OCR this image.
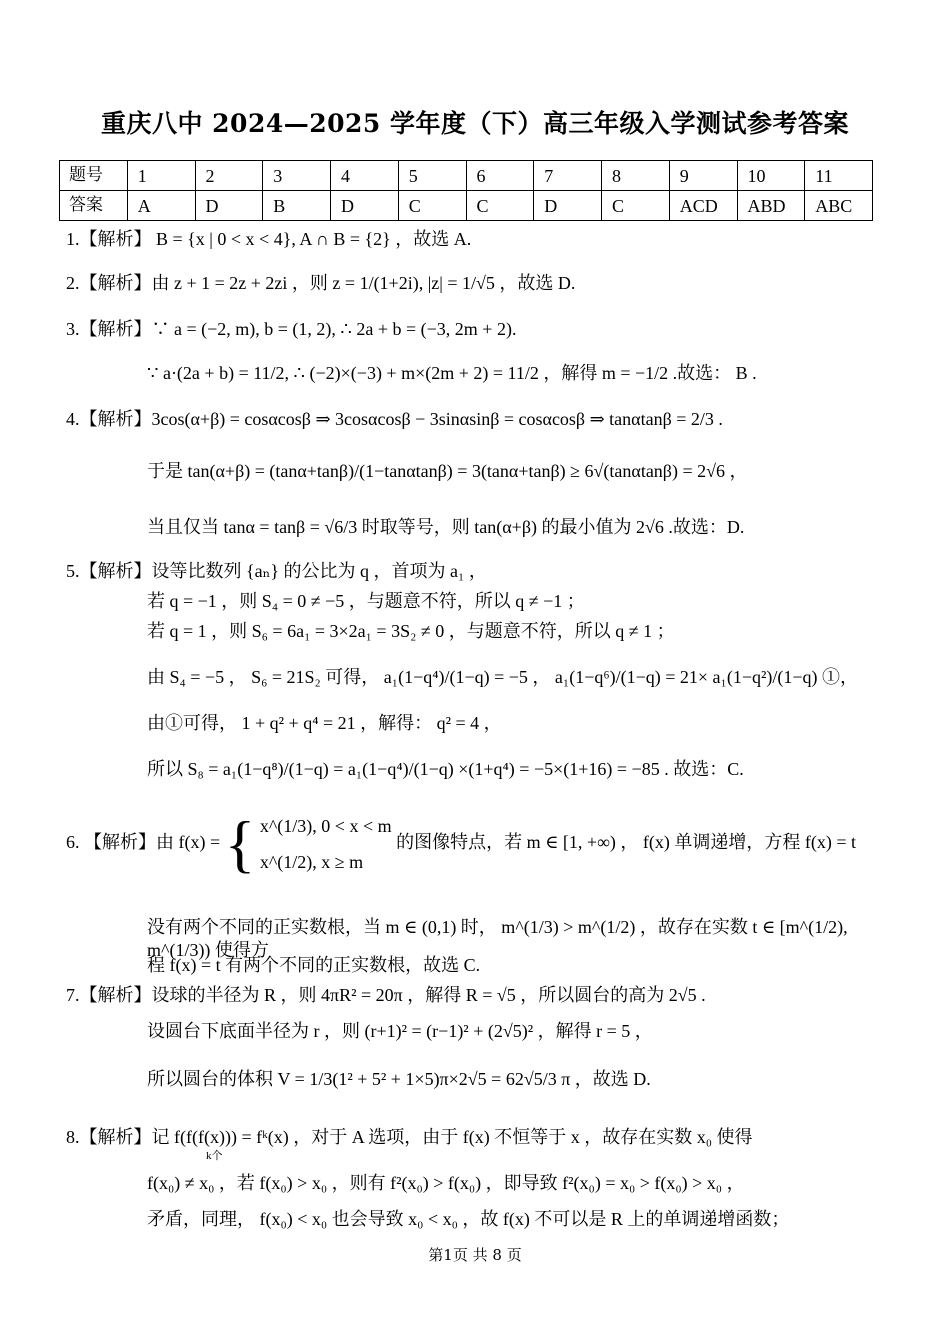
重庆八中 2024—2025 学年度（下）高三年级入学测试参考答案
题号	1	2	3	4	5	6	7	8	9	10	11
答案	A	D	B	D	C	C	D	C	ACD	ABD	ABC
1.【解析】 B = {x | 0 < x < 4}, A ∩ B = {2} ，故选 A.
2.【解析】由 z + 1 = 2z + 2zi ，则 z = 1/(1+2i), |z| = 1/√5 ，故选 D.
3.【解析】∵ a = (−2, m), b = (1, 2), ∴ 2a + b = (−3, 2m + 2).
∵ a·(2a + b) = 11/2, ∴ (−2)×(−3) + m×(2m + 2) = 11/2 ，解得 m = −1/2 .故选： B .
4.【解析】3cos(α+β) = cosαcosβ ⇒ 3cosαcosβ − 3sinαsinβ = cosαcosβ ⇒ tanαtanβ = 2/3 .
于是 tan(α+β) = (tanα+tanβ)/(1−tanαtanβ) = 3(tanα+tanβ) ≥ 6√(tanαtanβ) = 2√6 ，
当且仅当 tanα = tanβ = √6/3 时取等号，则 tan(α+β) 的最小值为 2√6 .故选：D.
5.【解析】设等比数列 {aₙ} 的公比为 q ，首项为 a₁ ，
若 q = −1 ，则 S₄ = 0 ≠ −5 ，与题意不符，所以 q ≠ −1 ；
若 q = 1 ，则 S₆ = 6a₁ = 3×2a₁ = 3S₂ ≠ 0 ，与题意不符，所以 q ≠ 1 ；
由 S₄ = −5 ， S₆ = 21S₂ 可得， a₁(1−q⁴)/(1−q) = −5 ， a₁(1−q⁶)/(1−q) = 21× a₁(1−q²)/(1−q) ①，
由①可得， 1 + q² + q⁴ = 21 ，解得： q² = 4 ，
所以 S₈ = a₁(1−q⁸)/(1−q) = a₁(1−q⁴)/(1−q) ×(1+q⁴) = −5×(1+16) = −85 . 故选：C.
6. 【解析】由 f(x) = { x^(1/3), 0 < x < m
x^(1/2), x ≥ m
的图像特点，若 m ∈ [1, +∞) ， f(x) 单调递增，方程 f(x) = t
没有两个不同的正实数根，当 m ∈ (0,1) 时， m^(1/3) > m^(1/2) ，故存在实数 t ∈ [m^(1/2), m^(1/3)) 使得方
程 f(x) = t 有两个不同的正实数根，故选 C.
7.【解析】设球的半径为 R ，则 4πR² = 20π ，解得 R = √5 ，所以圆台的高为 2√5 .
设圆台下底面半径为 r ，则 (r+1)² = (r−1)² + (2√5)² ，解得 r = 5 ，
所以圆台的体积 V = 1/3(1² + 5² + 1×5)π×2√5 = 62√5/3 π ，故选 D.
8.【解析】记 f(f(f(x))) = fᵏ(x) ，对于 A 选项，由于 f(x) 不恒等于 x ，故存在实数 x₀ 使得
k个
f(x₀) ≠ x₀ ，若 f(x₀) > x₀ ，则有 f²(x₀) > f(x₀) ，即导致 f²(x₀) = x₀ > f(x₀) > x₀ ，
矛盾，同理， f(x₀) < x₀ 也会导致 x₀ < x₀ ，故 f(x) 不可以是 R 上的单调递增函数；
第1页 共 8 页
